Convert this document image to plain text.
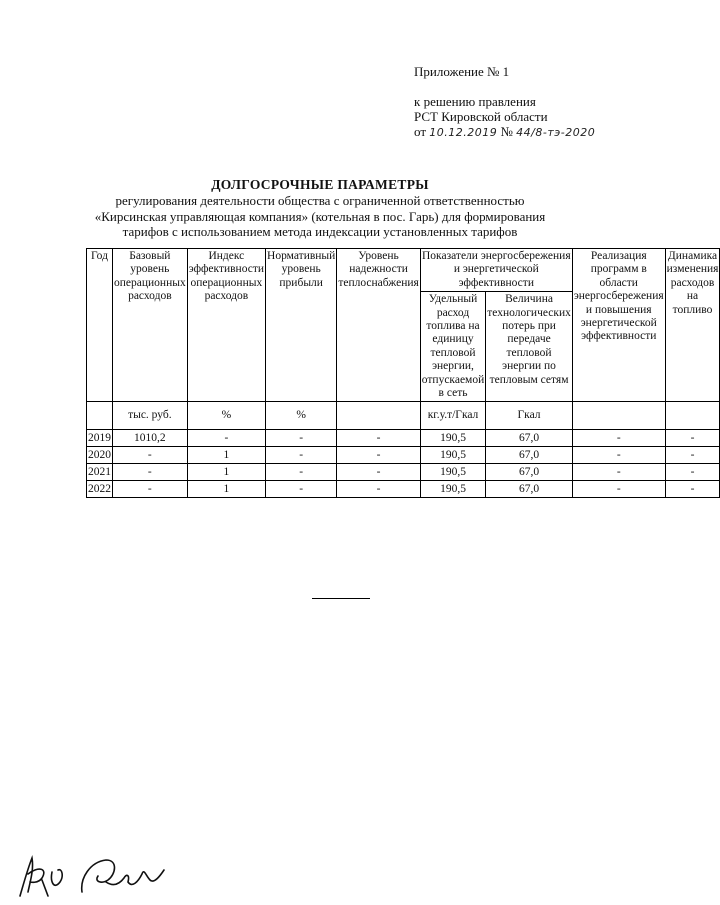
Приложение № 1
к решению правления
РСТ Кировской области
от 10.12.2019 № 44/8-тэ-2020
ДОЛГОСРОЧНЫЕ ПАРАМЕТРЫ
регулирования деятельности общества с ограниченной ответственностью «Кирсинская управляющая компания» (котельная в пос. Гарь) для формирования тарифов с использованием метода индексации установленных тарифов
Год	Базовый уровень операционных расходов	Индекс эффективности операционных расходов	Нормативный уровень прибыли	Уровень надежности теплоснабжения	Показатели энергосбережения и энергетической эффективности		Реализация программ в области энергосбережения и повышения энергетической эффективности	Динамика изменения расходов на топливо
					Удельный расход топлива на единицу тепловой энергии, отпускаемой в сеть	Величина технологических потерь при передаче тепловой энергии по тепловым сетям		
	тыс. руб.	%	%		кг.у.т/Гкал	Гкал		
2019	1010,2	-	-	-	190,5	67,0	-	-
2020	-	1	-	-	190,5	67,0	-	-
2021	-	1	-	-	190,5	67,0	-	-
2022	-	1	-	-	190,5	67,0	-	-
